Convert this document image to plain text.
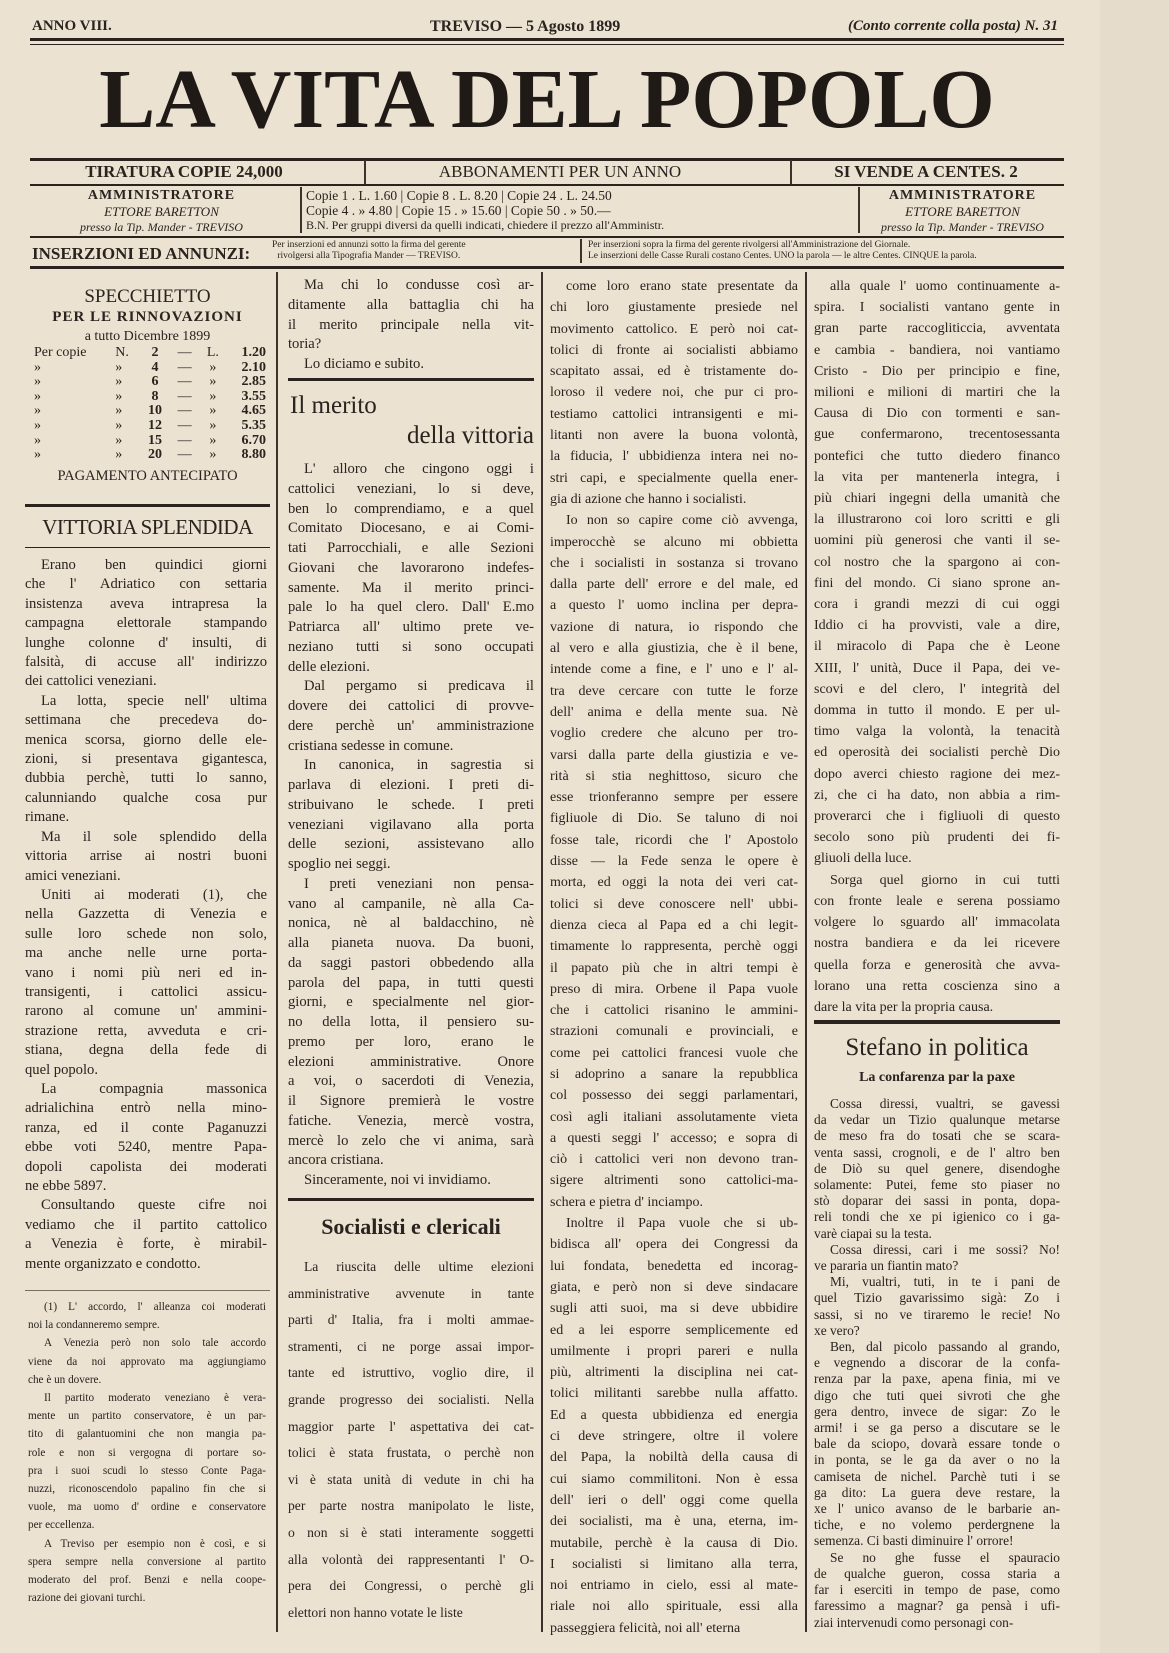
ANNO VIII.	TREVISO — 5 Agosto 1899	(Conto corrente colla posta) N. 31
LA VITA DEL POPOLO
TIRATURA COPIE 24,000	ABBONAMENTI PER UN ANNO	SI VENDE A CENTES. 2
AMMINISTRATORE
ETTORE BARETTON
presso la Tip. Mander - TREVISO
Copie 1 . L. 1.60 | Copie 8 . L. 8.20 | Copie 24 . L. 24.50
Copie 4 . » 4.80 | Copie 15 . » 15.60 | Copie 50 . » 50.—
B.N. Per gruppi diversi da quelli indicati, chiedere il prezzo all'Amministr.
AMMINISTRATORE
ETTORE BARETTON
presso la Tip. Mander - TREVISO
INSERZIONI ED ANNUNZI: Per inserzioni ed annunzi sotto la firma del gerente
rivolgersi alla Tipografia Mander — TREVISO.
Per inserzioni sopra la firma del gerente rivolgersi all'Amministrazione del Giornale.
Le inserzioni delle Casse Rurali costano Centes. UNO la parola — le altre Centes. CINQUE la parola.
SPECCHIETTO
PER LE RINNOVAZIONI
a tutto Dicembre 1899
Per copie	N.	2	—	L.	1.20
»	»	4	—	»	2.10
»	»	6	—	»	2.85
»	»	8	—	»	3.55
»	»	10	—	»	4.65
»	»	12	—	»	5.35
»	»	15	—	»	6.70
»	»	20	—	»	8.80
PAGAMENTO ANTECIPATO
VITTORIA SPLENDIDA
Erano ben quindici giorni
che l' Adriatico con settaria
insistenza aveva intrapresa la
campagna elettorale stampando
lunghe colonne d' insulti, di
falsità, di accuse all' indirizzo
dei cattolici veneziani.
La lotta, specie nell' ultima
settimana che precedeva do-
menica scorsa, giorno delle ele-
zioni, si presentava gigantesca,
dubbia perchè, tutti lo sanno,
calunniando qualche cosa pur
rimane.
Ma il sole splendido della
vittoria arrise ai nostri buoni
amici veneziani.
Uniti ai moderati (1), che
nella Gazzetta di Venezia e
sulle loro schede non solo,
ma anche nelle urne porta-
vano i nomi più neri ed in-
transigenti, i cattolici assicu-
rarono al comune un' ammini-
strazione retta, avveduta e cri-
stiana, degna della fede di
quel popolo.
La compagnia massonica
adrialichina entrò nella mino-
ranza, ed il conte Paganuzzi
ebbe voti 5240, mentre Papa-
dopoli capolista dei moderati
ne ebbe 5897.
Consultando queste cifre noi
vediamo che il partito cattolico
a Venezia è forte, è mirabil-
mente organizzato e condotto.
(1) L' accordo, l' alleanza coi moderati
noi la condanneremo sempre.
A Venezia però non solo tale accordo
viene da noi approvato ma aggiungiamo
che è un dovere.
Il partito moderato veneziano è vera-
mente un partito conservatore, è un par-
tito di galantuomini che non mangia pa-
role e non si vergogna di portare so-
pra i suoi scudi lo stesso Conte Paga-
nuzzi, riconoscendolo papalino fin che si
vuole, ma uomo d' ordine e conservatore
per eccellenza.
A Treviso per esempio non è così, e si
spera sempre nella conversione al partito
moderato del prof. Benzi e nella coope-
razione dei giovani turchi.
Ma chi lo condusse così ar-
ditamente alla battaglia chi ha
il merito principale nella vit-
toria?
Lo diciamo e subito.
Il merito
della vittoria
L' alloro che cingono oggi i
cattolici veneziani, lo si deve,
ben lo comprendiamo, e a quel
Comitato Diocesano, e ai Comi-
tati Parrocchiali, e alle Sezioni
Giovani che lavorarono indefes-
samente. Ma il merito princi-
pale lo ha quel clero. Dall' E.mo
Patriarca all' ultimo prete ve-
neziano tutti si sono occupati
delle elezioni.
Dal pergamo si predicava il
dovere dei cattolici di provve-
dere perchè un' amministrazione
cristiana sedesse in comune.
In canonica, in sagrestia si
parlava di elezioni. I preti di-
stribuivano le schede. I preti
veneziani vigilavano alla porta
delle sezioni, assistevano allo
spoglio nei seggi.
I preti veneziani non pensa-
vano al campanile, nè alla Ca-
nonica, nè al baldacchino, nè
alla pianeta nuova. Da buoni,
da saggi pastori obbedendo alla
parola del papa, in tutti questi
giorni, e specialmente nel gior-
no della lotta, il pensiero su-
premo per loro, erano le
elezioni amministrative. Onore
a voi, o sacerdoti di Venezia,
il Signore premierà le vostre
fatiche. Venezia, mercè vostra,
mercè lo zelo che vi anima, sarà
ancora cristiana.
Sinceramente, noi vi invidiamo.
Socialisti e clericali
La riuscita delle ultime elezioni
amministrative avvenute in tante
parti d' Italia, fra i molti ammae-
stramenti, ci ne porge assai impor-
tante ed istruttivo, voglio dire, il
grande progresso dei socialisti. Nella
maggior parte l' aspettativa dei cat-
tolici è stata frustata, o perchè non
vi è stata unità di vedute in chi ha
per parte nostra manipolato le liste,
o non si è stati interamente soggetti
alla volontà dei rappresentanti l' O-
pera dei Congressi, o perchè gli
elettori non hanno votate le liste
come loro erano state presentate da
chi loro giustamente presiede nel
movimento cattolico. E però noi cat-
tolici di fronte ai socialisti abbiamo
scapitato assai, ed è tristamente do-
loroso il vedere noi, che pur ci pro-
testiamo cattolici intransigenti e mi-
litanti non avere la buona volontà,
la fiducia, l' ubbidienza intera nei no-
stri capi, e specialmente quella ener-
gia di azione che hanno i socialisti.
Io non so capire come ciò avvenga,
imperocchè se alcuno mi obbietta
che i socialisti in sostanza si trovano
dalla parte dell' errore e del male, ed
a questo l' uomo inclina per depra-
vazione di natura, io rispondo che
al vero e alla giustizia, che è il bene,
intende come a fine, e l' uno e l' al-
tra deve cercare con tutte le forze
dell' anima e della mente sua. Nè
voglio credere che alcuno per tro-
varsi dalla parte della giustizia e ve-
rità si stia neghittoso, sicuro che
esse trionferanno sempre per essere
figliuole di Dio. Se taluno di noi
fosse tale, ricordi che l' Apostolo
disse — la Fede senza le opere è
morta, ed oggi la nota dei veri cat-
tolici si deve conoscere nell' ubbi-
dienza cieca al Papa ed a chi legit-
timamente lo rappresenta, perchè oggi
il papato più che in altri tempi è
preso di mira. Orbene il Papa vuole
che i cattolici risanino le ammini-
strazioni comunali e provinciali, e
come pei cattolici francesi vuole che
si adoprino a sanare la repubblica
col possesso dei seggi parlamentari,
così agli italiani assolutamente vieta
a questi seggi l' accesso; e sopra di
ciò i cattolici veri non devono tran-
sigere altrimenti sono cattolici-ma-
schera e pietra d' inciampo.
Inoltre il Papa vuole che si ub-
bidisca all' opera dei Congressi da
lui fondata, benedetta ed incorag-
giata, e però non si deve sindacare
sugli atti suoi, ma si deve ubbidire
ed a lei esporre semplicemente ed
umilmente i propri pareri e nulla
più, altrimenti la disciplina nei cat-
tolici militanti sarebbe nulla affatto.
Ed a questa ubbidienza ed energia
ci deve stringere, oltre il volere
del Papa, la nobiltà della causa di
cui siamo commilitoni. Non è essa
dell' ieri o dell' oggi come quella
dei socialisti, ma è una, eterna, im-
mutabile, perchè è la causa di Dio.
I socialisti si limitano alla terra,
noi entriamo in cielo, essi al mate-
riale noi allo spirituale, essi alla
passeggiera felicità, noi all' eterna
alla quale l' uomo continuamente a-
spira. I socialisti vantano gente in
gran parte raccogliticcia, avventata
e cambia - bandiera, noi vantiamo
Cristo - Dio per principio e fine,
milioni e milioni di martiri che la
Causa di Dio con tormenti e san-
gue confermarono, trecentosessanta
pontefici che tutto diedero financo
la vita per mantenerla integra, i
più chiari ingegni della umanità che
la illustrarono coi loro scritti e gli
uomini più generosi che vanti il se-
col nostro che la spargono ai con-
fini del mondo. Ci siano sprone an-
cora i grandi mezzi di cui oggi
Iddio ci ha provvisti, vale a dire,
il miracolo di Papa che è Leone
XIII, l' unità, Duce il Papa, dei ve-
scovi e del clero, l' integrità del
domma in tutto il mondo. E per ul-
timo valga la volontà, la tenacità
ed operosità dei socialisti perchè Dio
dopo averci chiesto ragione dei mez-
zi, che ci ha dato, non abbia a rim-
proverarci che i figliuoli di questo
secolo sono più prudenti dei fi-
gliuoli della luce.
Sorga quel giorno in cui tutti
con fronte leale e serena possiamo
volgere lo sguardo all' immacolata
nostra bandiera e da lei ricevere
quella forza e generosità che avva-
lorano una retta coscienza sino a
dare la vita per la propria causa.
Stefano in politica
La confarenza par la paxe
Cossa diressi, vualtri, se gavessi
da vedar un Tizio qualunque metarse
de meso fra do tosati che se scara-
venta sassi, crognoli, e de l' altro ben
de Diò su quel genere, disendoghe
solamente: Putei, feme sto piaser no
stò doparar dei sassi in ponta, dopa-
reli tondi che xe pi igienico co i ga-
varè ciapai su la testa.
Cossa diressi, cari i me sossi? No!
ve pararia un fiantin mato?
Mi, vualtri, tuti, in te i pani de
quel Tizio gavarissimo sigà: Zo i
sassi, si no ve tiraremo le recie! No
xe vero?
Ben, dal picolo passando al grando,
e vegnendo a discorar de la confa-
renza par la paxe, apena finia, mi ve
digo che tuti quei sivroti che ghe
gera dentro, invece de sigar: Zo le
armi! i se ga perso a discutare se le
bale da sciopo, dovarà essare tonde o
in ponta, se le ga da aver o no la
camiseta de nichel. Parchè tuti i se
ga dito: La guera deve restare, la
xe l' unico avanso de le barbarie an-
tiche, e no volemo perdergnene la
semenza. Ci basti diminuire l' orrore!
Se no ghe fusse el spauracio
de qualche gueron, cossa staria a
far i eserciti in tempo de pase, como
faressimo a magnar? ga pensà i ufi-
ziai intervenudi como personagi con-
